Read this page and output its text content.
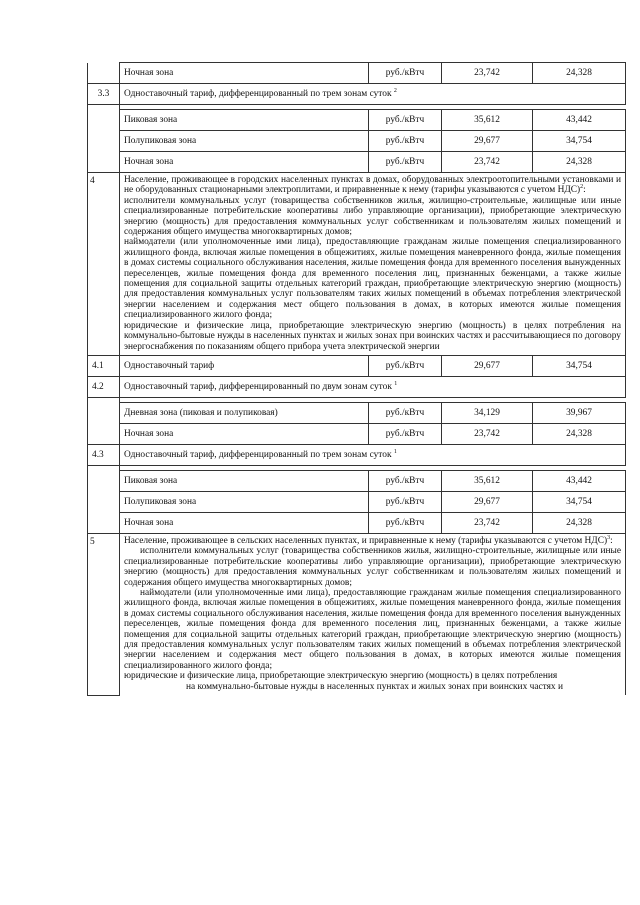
	Ночная зона	руб./кВтч	23,742	24,328
3.3	Одноставочный тариф, дифференцированный по трем зонам суток $^2$

	Пиковая зона	руб./кВтч	35,612	43,442
	Полупиковая зона	руб./кВтч	29,677	34,754
	Ночная зона	руб./кВтч	23,742	24,328
4	Население, проживающее в городских населенных пунктах в домах, оборудованных электроотопительными установками и не оборудованных стационарными электроплитами, и приравненные к нему (тарифы указываются с учетом НДС)$^2$:

исполнители коммунальных услуг (товарищества собственников жилья, жилищно-строительные, жилищные или иные специализированные потребительские кооперативы либо управляющие организации), приобретающие электрическую энергию (мощность) для предоставления коммунальных услуг собственникам и пользователям жилых помещений и содержания общего имущества многоквартирных домов;

наймодатели (или уполномоченные ими лица), предоставляющие гражданам жилые помещения специализированного жилищного фонда, включая жилые помещения в общежитиях, жилые помещения маневренного фонда, жилые помещения в домах системы социального обслуживания населения, жилые помещения фонда для временного поселения вынужденных переселенцев, жилые помещения фонда для временного поселения лиц, признанных беженцами, а также жилые помещения для социальной защиты отдельных категорий граждан, приобретающие электрическую энергию (мощность) для предоставления коммунальных услуг пользователям таких жилых помещений в объемах потребления электрической энергии населением и содержания мест общего пользования в домах, в которых имеются жилые помещения специализированного жилого фонда;

юридические и физические лица, приобретающие электрическую энергию (мощность) в целях потребления на коммунально-бытовые нужды в населенных пунктах и жилых зонах при воинских частях и рассчитывающиеся по договору энергоснабжения по показаниям общего прибора учета электрической энергии			

4.1	Одноставочный тариф	руб./кВтч	29,677	34,754
4.2	Одноставочный тариф, дифференцированный по двум зонам суток $^1$

	Дневная зона (пиковая и полупиковая)	руб./кВтч	34,129	39,967
	Ночная зона	руб./кВтч	23,742	24,328
4.3	Одноставочный тариф, дифференцированный по трем зонам суток $^1$

	Пиковая зона	руб./кВтч	35,612	43,442
	Полупиковая зона	руб./кВтч	29,677	34,754
	Ночная зона	руб./кВтч	23,742	24,328
5	Население, проживающее в сельских населенных пунктах, и приравненные к нему (тарифы указываются с учетом НДС)$^3$:

исполнители коммунальных услуг (товарищества собственников жилья, жилищно-строительные, жилищные или иные специализированные потребительские кооперативы либо управляющие организации), приобретающие электрическую энергию (мощность) для предоставления коммунальных услуг собственникам и пользователям жилых помещений и содержания общего имущества многоквартирных домов;

наймодатели (или уполномоченные ими лица), предоставляющие гражданам жилые помещения специализированного жилищного фонда, включая жилые помещения в общежитиях, жилые помещения маневренного фонда, жилые помещения в домах системы социального обслуживания населения, жилые помещения фонда для временного поселения вынужденных переселенцев, жилые помещения фонда для временного поселения лиц, признанных беженцами, а также жилые помещения для социальной защиты отдельных категорий граждан, приобретающие электрическую энергию (мощность) для предоставления коммунальных услуг пользователям таких жилых помещений в объемах потребления электрической энергии населением и содержания мест общего пользования в домах, в которых имеются жилые помещения специализированного жилого фонда;

юридические и физические лица, приобретающие электрическую энергию (мощность) в целях потребления

на коммунально-бытовые нужды в населенных пунктах и жилых зонах при воинских частях и			
